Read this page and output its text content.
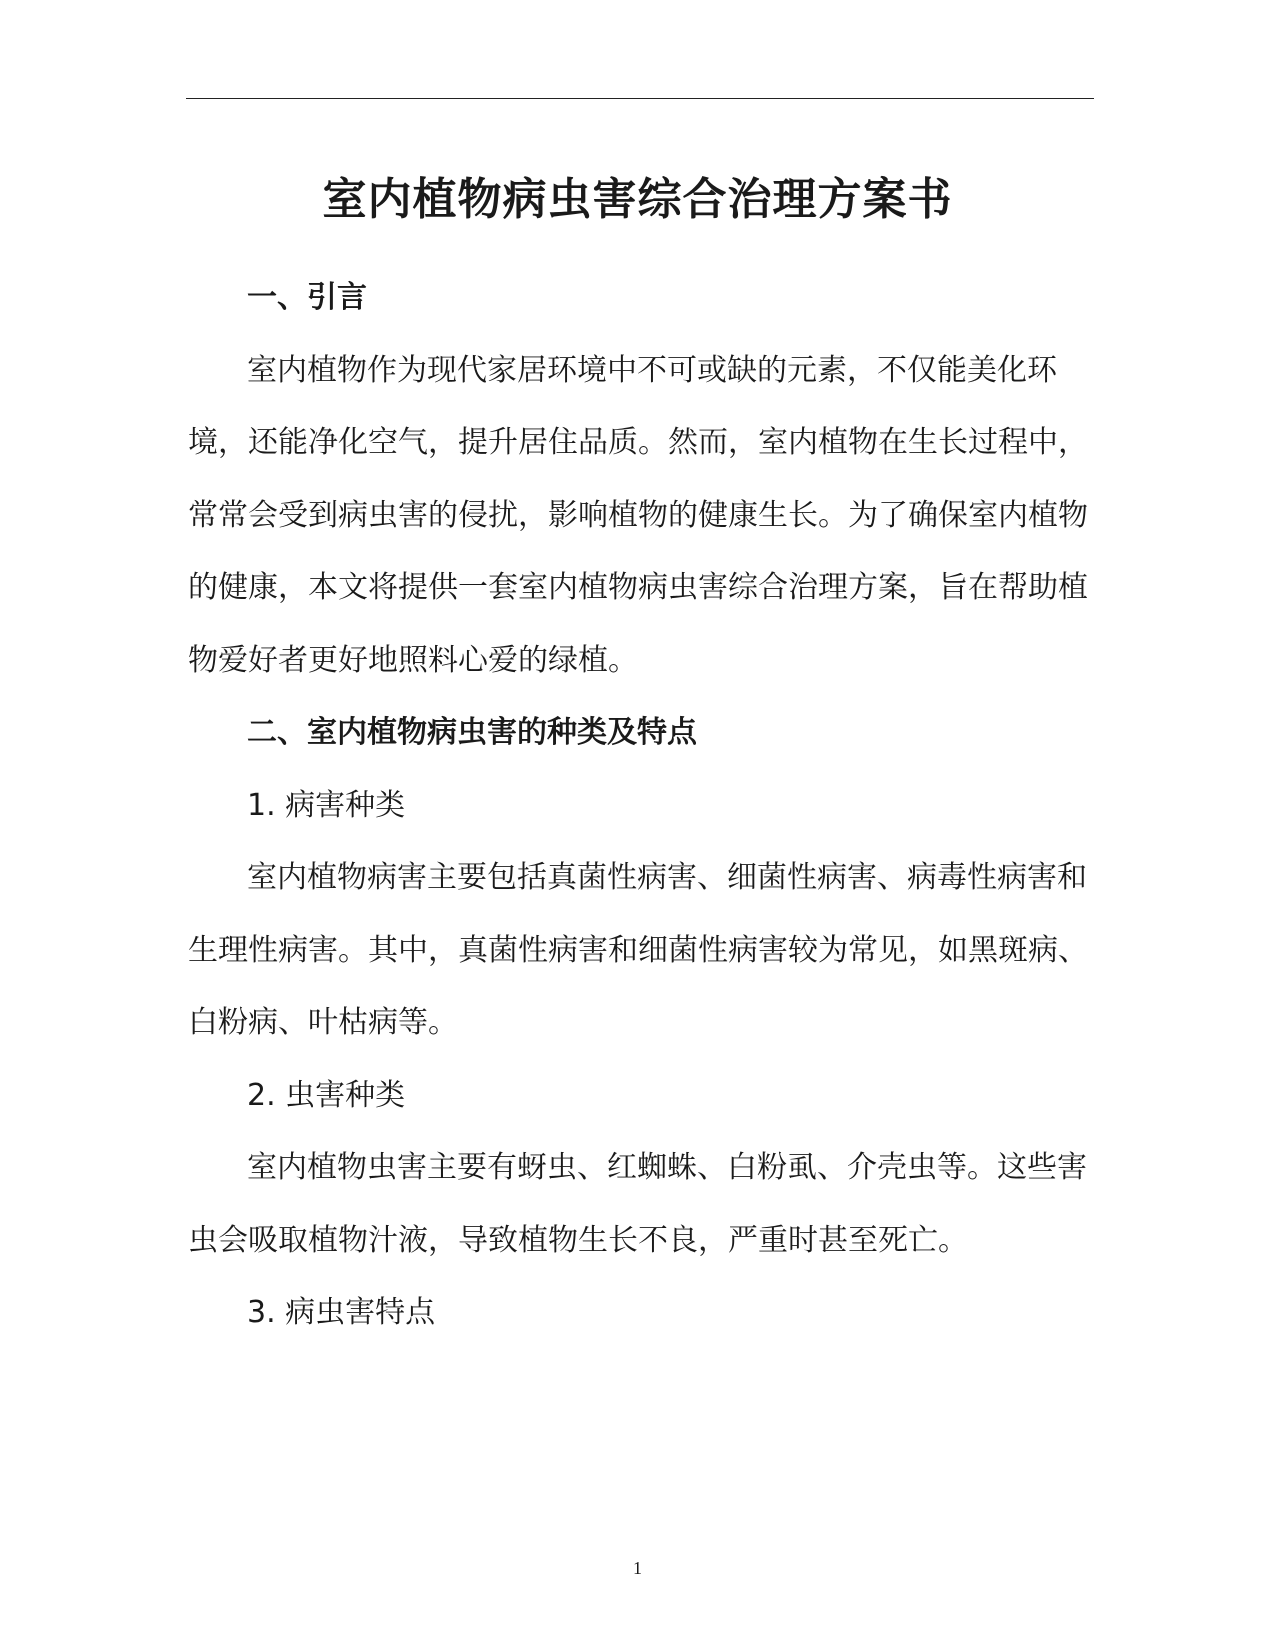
室内植物病虫害综合治理方案书

一、引言

室内植物作为现代家居环境中不可或缺的元素，不仅能美化环

境，还能净化空气，提升居住品质。然而，室内植物在生长过程中，

常常会受到病虫害的侵扰，影响植物的健康生长。为了确保室内植物

的健康，本文将提供一套室内植物病虫害综合治理方案，旨在帮助植

物爱好者更好地照料心爱的绿植。

二、室内植物病虫害的种类及特点

1. 病害种类

室内植物病害主要包括真菌性病害、细菌性病害、病毒性病害和

生理性病害。其中，真菌性病害和细菌性病害较为常见，如黑斑病、

白粉病、叶枯病等。

2. 虫害种类

室内植物虫害主要有蚜虫、红蜘蛛、白粉虱、介壳虫等。这些害

虫会吸取植物汁液，导致植物生长不良，严重时甚至死亡。

3. 病虫害特点

1
